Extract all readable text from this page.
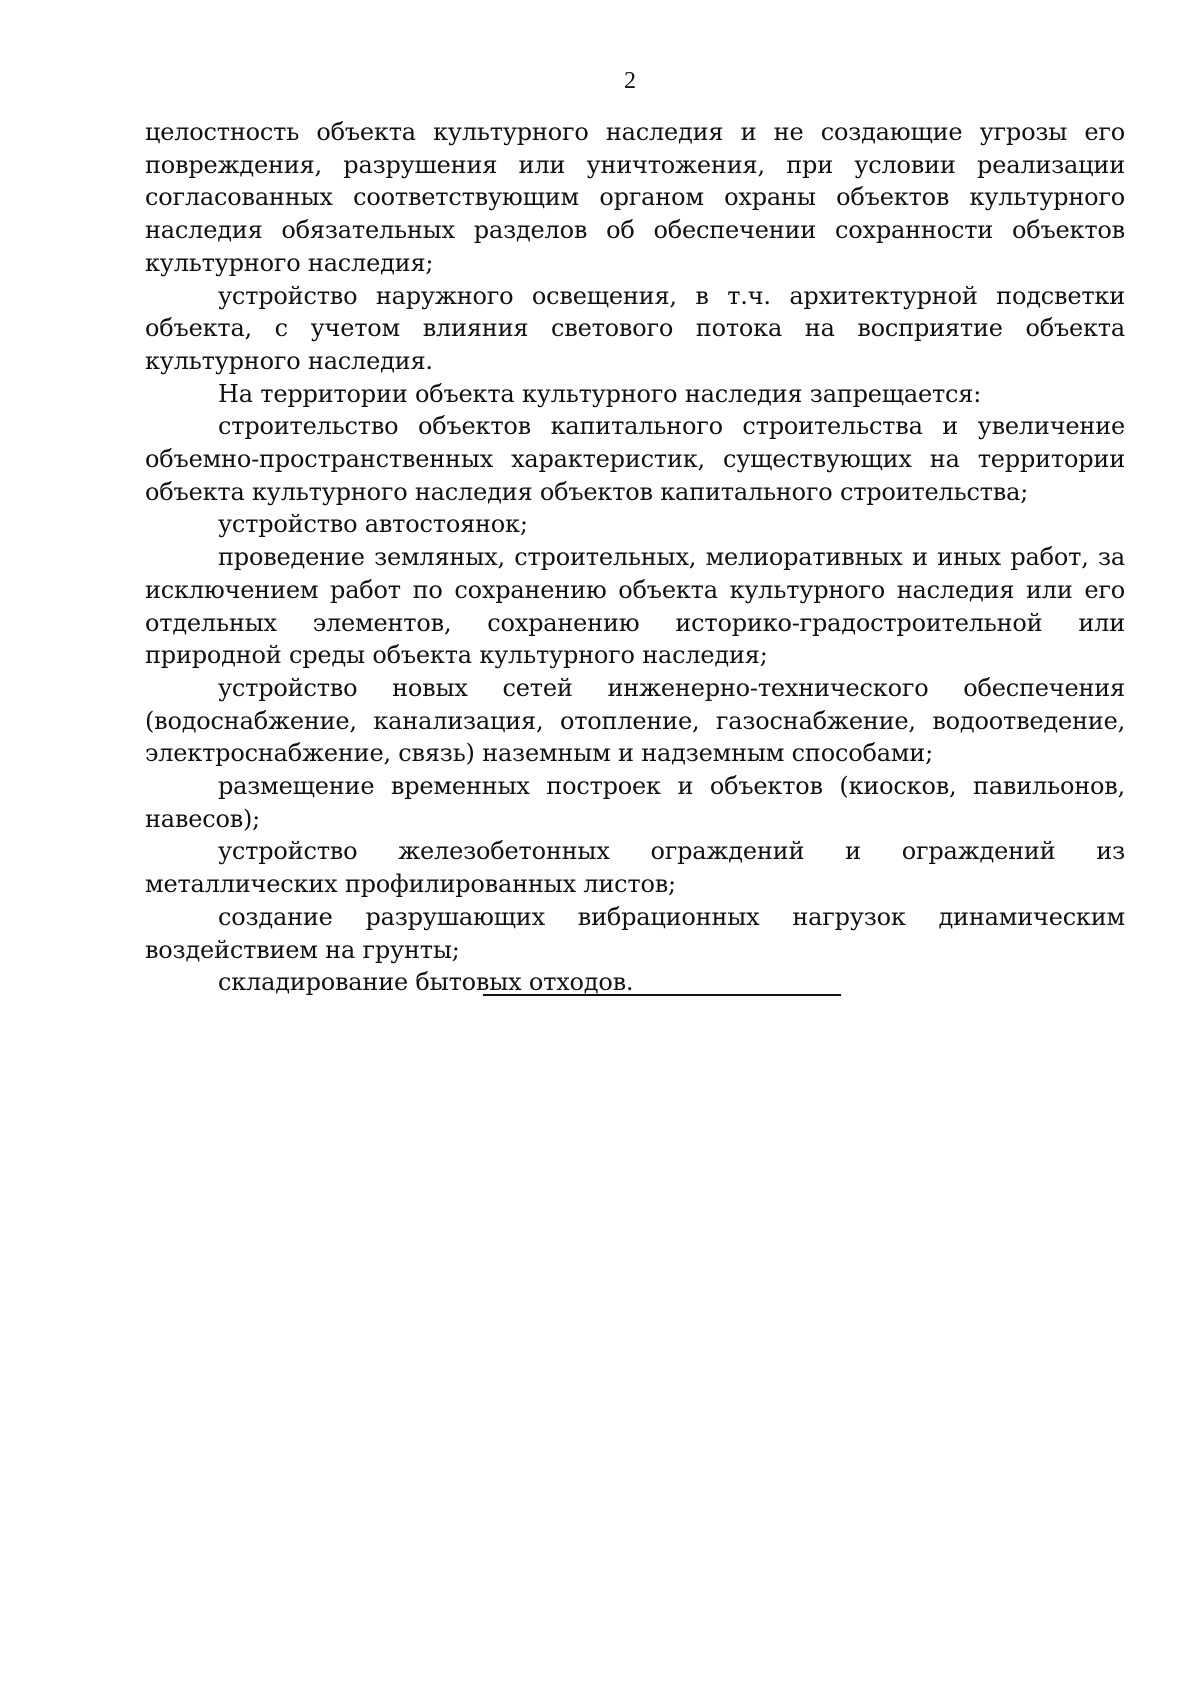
2

целостность объекта культурного наследия и не создающие угрозы его повреждения, разрушения или уничтожения, при условии реализации согласованных соответствующим органом охраны объектов культурного наследия обязательных разделов об обеспечении сохранности объектов культурного наследия;

устройство наружного освещения, в т.ч. архитектурной подсветки объекта, с учетом влияния светового потока на восприятие объекта культурного наследия.

На территории объекта культурного наследия запрещается:

строительство объектов капитального строительства и увеличение объемно-пространственных характеристик, существующих на территории объекта культурного наследия объектов капитального строительства;

устройство автостоянок;

проведение земляных, строительных, мелиоративных и иных работ, за исключением работ по сохранению объекта культурного наследия или его отдельных элементов, сохранению историко-градостроительной или природной среды объекта культурного наследия;

устройство новых сетей инженерно-технического обеспечения (водоснабжение, канализация, отопление, газоснабжение, водоотведение, электроснабжение, связь) наземным и надземным способами;

размещение временных построек и объектов (киосков, павильонов, навесов);

устройство железобетонных ограждений и ограждений из металлических профилированных листов;

создание разрушающих вибрационных нагрузок динамическим воздействием на грунты;

складирование бытовых отходов.
